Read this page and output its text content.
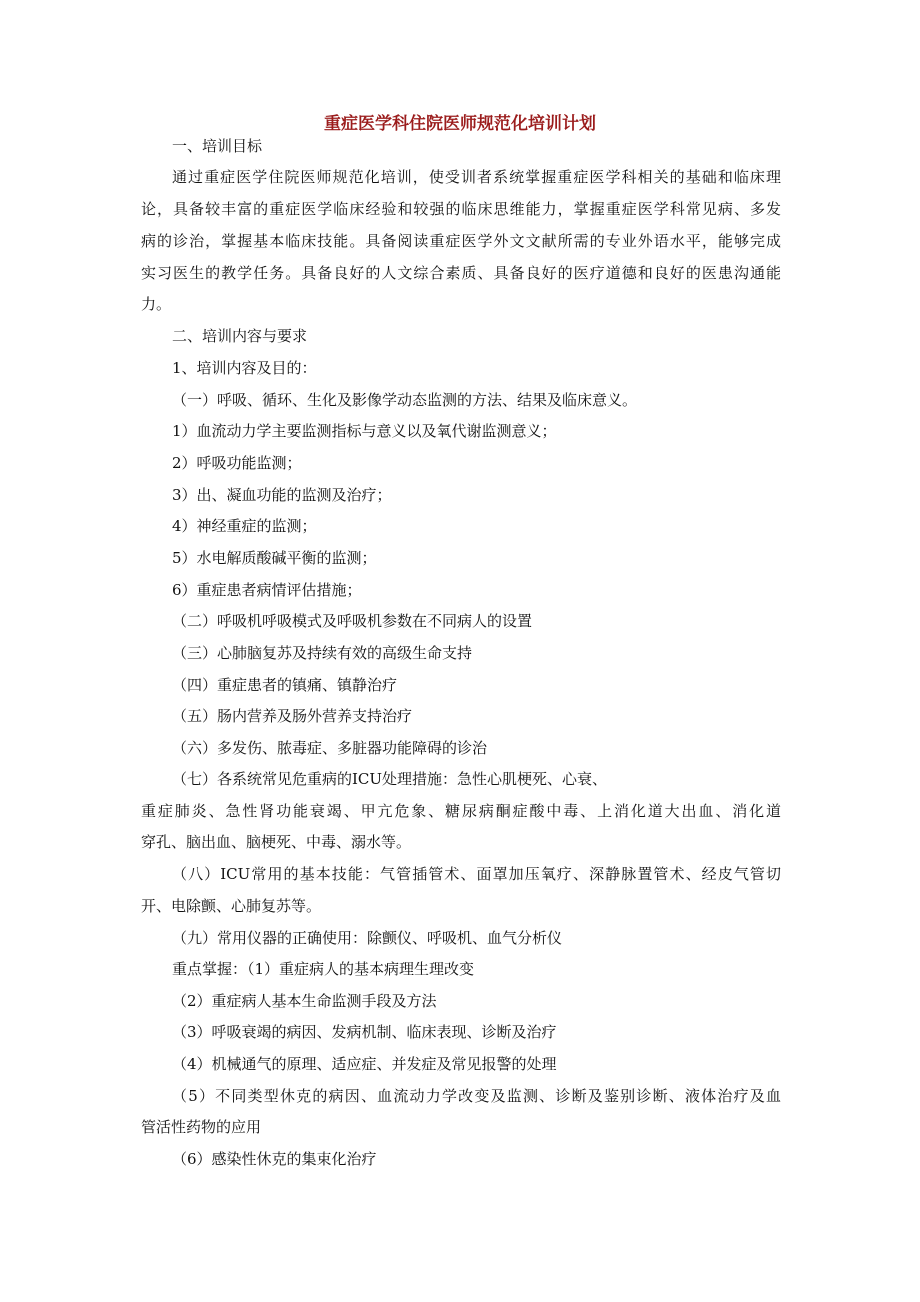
重症医学科住院医师规范化培训计划
一、培训目标
通过重症医学住院医师规范化培训，使受训者系统掌握重症医学科相关的基础和临床理
论，具备较丰富的重症医学临床经验和较强的临床思维能力，掌握重症医学科常见病、多发
病的诊治，掌握基本临床技能。具备阅读重症医学外文文献所需的专业外语水平，能够完成
实习医生的教学任务。具备良好的人文综合素质、具备良好的医疗道德和良好的医患沟通能
力。
二、培训内容与要求
1、培训内容及目的：
（一）呼吸、循环、生化及影像学动态监测的方法、结果及临床意义。
1）血流动力学主要监测指标与意义以及氧代谢监测意义；
2）呼吸功能监测；
3）出、凝血功能的监测及治疗；
4）神经重症的监测；
5）水电解质酸碱平衡的监测；
6）重症患者病情评估措施；
（二）呼吸机呼吸模式及呼吸机参数在不同病人的设置
（三）心肺脑复苏及持续有效的高级生命支持
（四）重症患者的镇痛、镇静治疗
（五）肠内营养及肠外营养支持治疗
（六）多发伤、脓毒症、多脏器功能障碍的诊治
（七）各系统常见危重病的ICU处理措施：急性心肌梗死、心衰、
重症肺炎、急性肾功能衰竭、甲亢危象、糖尿病酮症酸中毒、上消化道大出血、消化道
穿孔、脑出血、脑梗死、中毒、溺水等。
（八）ICU常用的基本技能：气管插管术、面罩加压氧疗、深静脉置管术、经皮气管切
开、电除颤、心肺复苏等。
（九）常用仪器的正确使用：除颤仪、呼吸机、血气分析仪
重点掌握：（1）重症病人的基本病理生理改变
（2）重症病人基本生命监测手段及方法
（3）呼吸衰竭的病因、发病机制、临床表现、诊断及治疗
（4）机械通气的原理、适应症、并发症及常见报警的处理
（5）不同类型休克的病因、血流动力学改变及监测、诊断及鉴别诊断、液体治疗及血
管活性药物的应用
（6）感染性休克的集束化治疗
